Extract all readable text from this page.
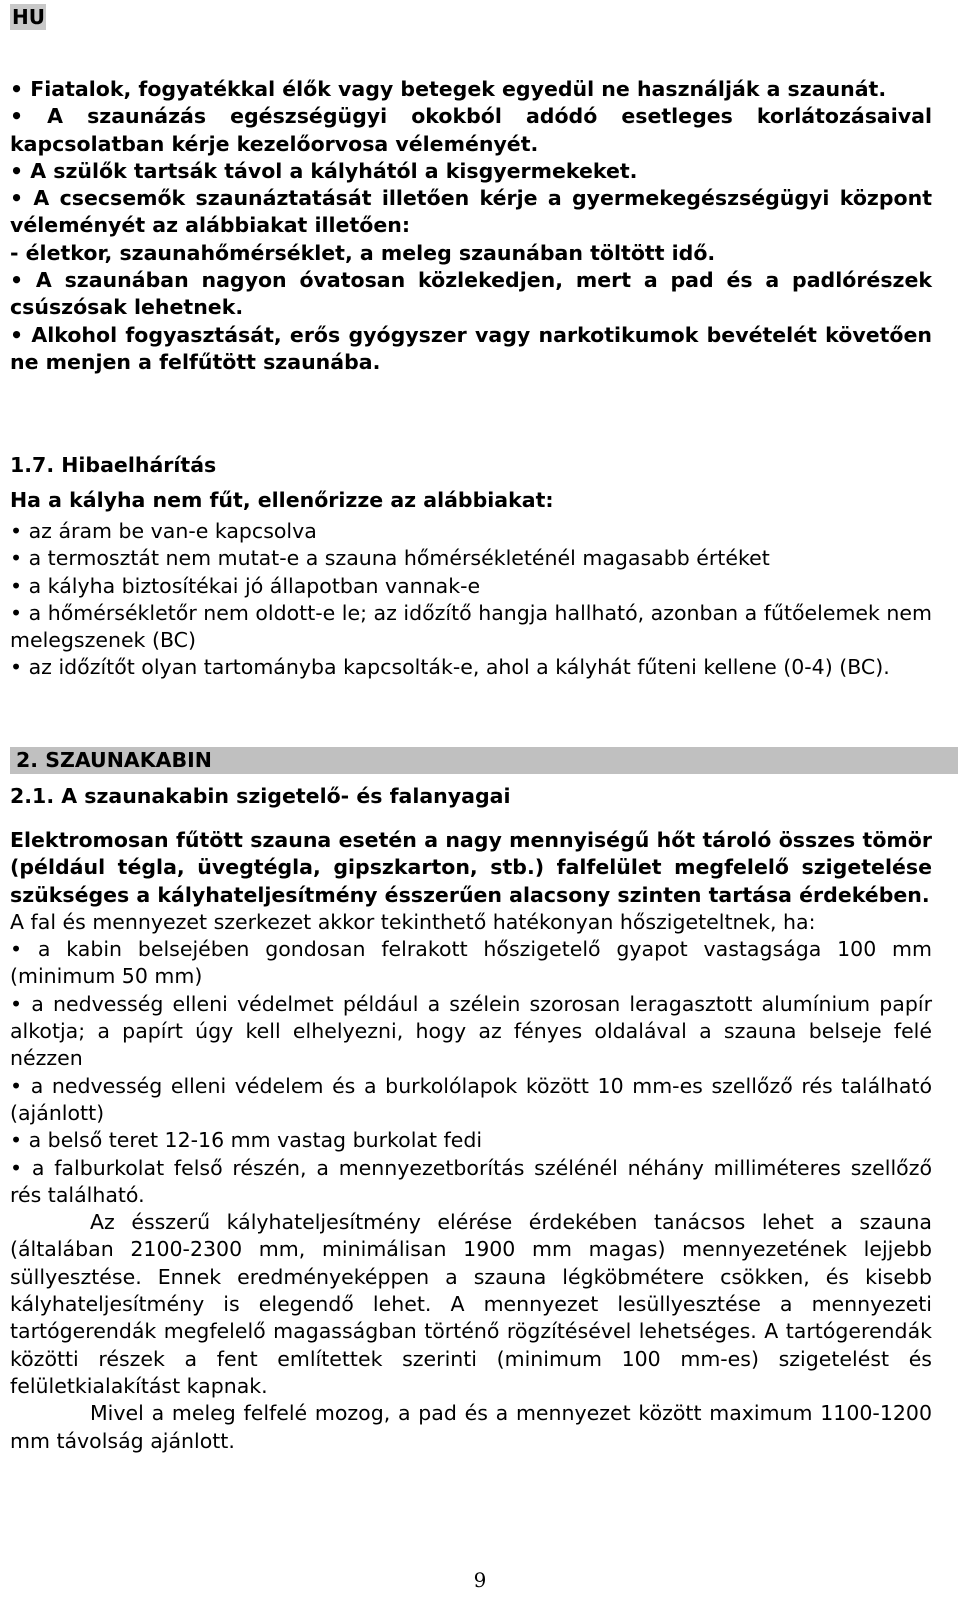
HU

• Fiatalok, fogyatékkal élők vagy betegek egyedül ne használják a szaunát.

• A szaunázás egészségügyi okokból adódó esetleges korlátozásaival kapcsolatban kérje kezelőorvosa véleményét.

• A szülők tartsák távol a kályhától a kisgyermekeket.

• A csecsemők szaunáztatását illetően kérje a gyermekegészségügyi központ véleményét az alábbiakat illetően:

- életkor, szaunahőmérséklet, a meleg szaunában töltött idő.

• A szaunában nagyon óvatosan közlekedjen, mert a pad és a padlórészek csúszósak lehetnek.

• Alkohol fogyasztását, erős gyógyszer vagy narkotikumok bevételét követően ne menjen a felfűtött szaunába.

1.7. Hibaelhárítás
Ha a kályha nem fűt, ellenőrizze az alábbiakat:

• az áram be van-e kapcsolva

• a termosztát nem mutat-e a szauna hőmérsékleténél magasabb értéket

• a kályha biztosítékai jó állapotban vannak-e

• a hőmérsékletőr nem oldott-e le; az időzítő hangja hallható, azonban a fűtőelemek nem melegszenek (BC)

• az időzítőt olyan tartományba kapcsolták-e, ahol a kályhát fűteni kellene (0-4) (BC).

2. SZAUNAKABIN
2.1. A szaunakabin szigetelő- és falanyagai

Elektromosan fűtött szauna esetén a nagy mennyiségű hőt tároló összes tömör (például tégla, üvegtégla, gipszkarton, stb.) falfelület megfelelő szigetelése szükséges a kályhateljesítmény ésszerűen alacsony szinten tartása érdekében.

A fal és mennyezet szerkezet akkor tekinthető hatékonyan hőszigeteltnek, ha:

• a kabin belsejében gondosan felrakott hőszigetelő gyapot vastagsága 100 mm (minimum 50 mm)

• a nedvesség elleni védelmet például a szélein szorosan leragasztott alumínium papír alkotja; a papírt úgy kell elhelyezni, hogy az fényes oldalával a szauna belseje felé nézzen

• a nedvesség elleni védelem és a burkolólapok között 10 mm-es szellőző rés található (ajánlott)

• a belső teret 12-16 mm vastag burkolat fedi

• a falburkolat felső részén, a mennyezetborítás szélénél néhány milliméteres szellőző rés található.

Az ésszerű kályhateljesítmény elérése érdekében tanácsos lehet a szauna (általában 2100-2300 mm, minimálisan 1900 mm magas) mennyezetének lejjebb süllyesztése. Ennek eredményeképpen a szauna légköbmétere csökken, és kisebb kályhateljesítmény is elegendő lehet. A mennyezet lesüllyesztése a mennyezeti tartógerendák megfelelő magasságban történő rögzítésével lehetséges. A tartógerendák közötti részek a fent említettek szerinti (minimum 100 mm-es) szigetelést és felületkialakítást kapnak.

Mivel a meleg felfelé mozog, a pad és a mennyezet között maximum 1100-1200 mm távolság ajánlott.

9
